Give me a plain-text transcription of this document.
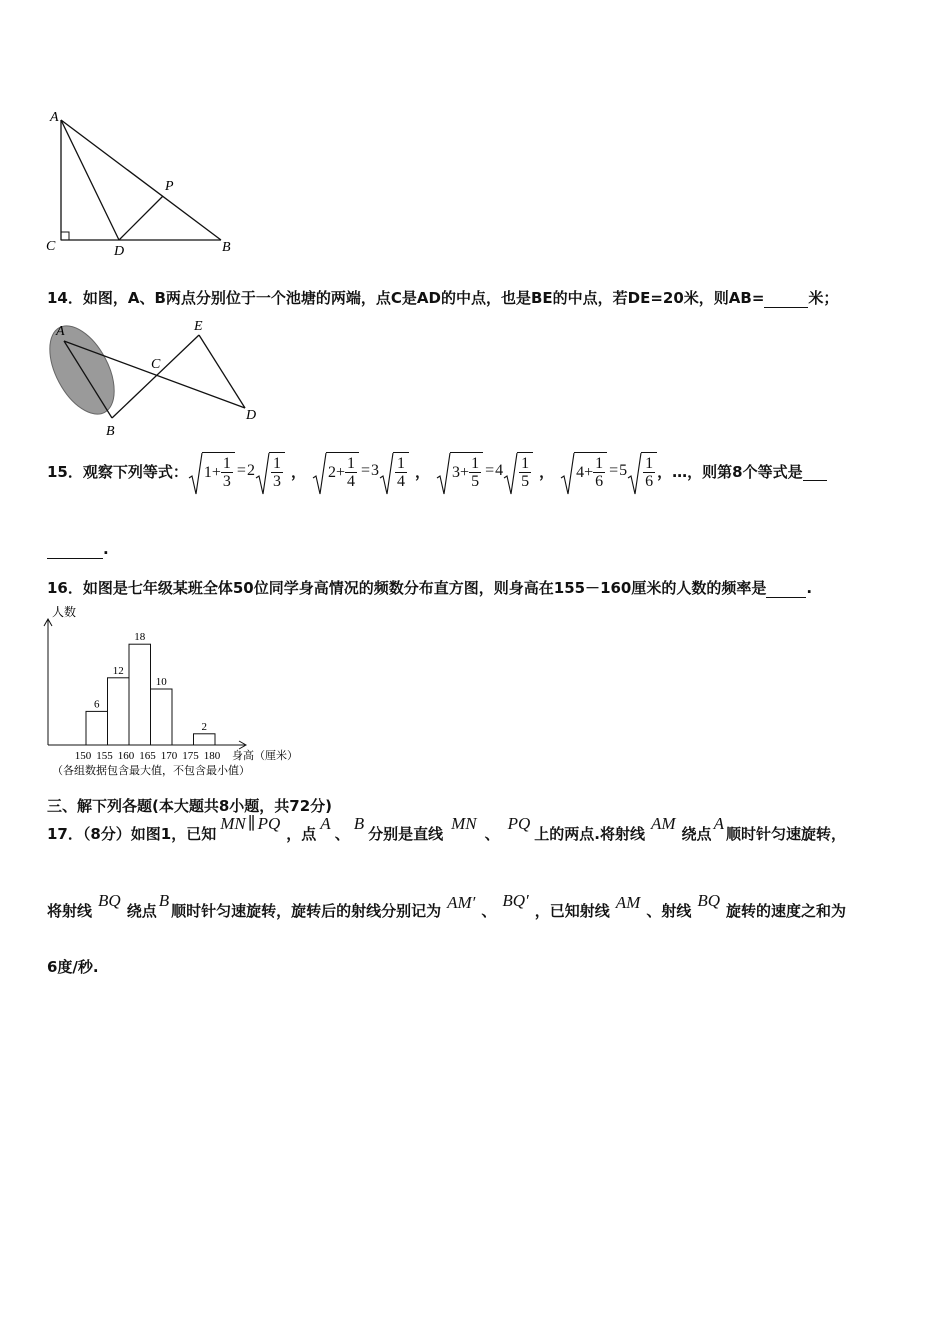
A
P
C	D	B
14．如图，A、B两点分别位于一个池塘的两端，点C是AD的中点，也是BE的中点，若DE=20米，则AB=	米；
A	E
C
B
D
15．观察下列等式：	$1+ \frac{1}{3} = 2 \frac{1}{3}$ ，	$2+ \frac{1}{4} = 3 \frac{1}{4}$ ，	$3+ \frac{1}{5} = 4 \frac{1}{5}$ ，	$4+ \frac{1}{6} = 5 \frac{1}{6}$ ，…，则第8个等式是

.
16．如图是七年级某班全体50位同学身高情况的频数分布直方图，则身高在155－160厘米的人数的频率是	.
人数
6
12
18
10
2
150 155 160 165 170 175 180 身高（厘米）
（各组数据包含最大值，不包含最小值）
三、解下列各题(本大题共8小题，共72分)
17．（8分）如图1，已知
MN ∥ PQ
，点
A
、
B
分别是直线
MN
、
PQ
上的两点.将射线
AM
绕点
A
顺时针匀速旋转，
将射线
BQ
绕点
B
顺时针匀速旋转，旋转后的射线分别记为 AM′ 、
BQ′
，已知射线 AM 、射线
BQ
旋转的速度之和为
6度/秒.
